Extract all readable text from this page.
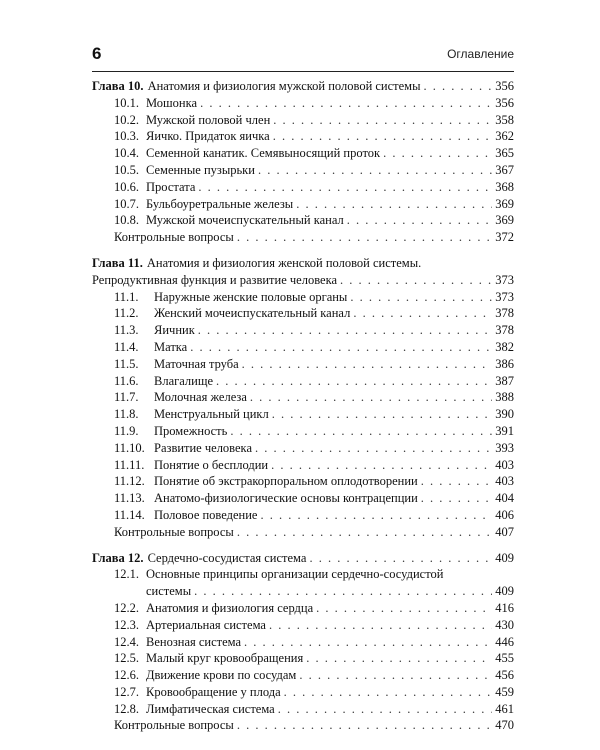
6	Оглавление
Глава 10. Анатомия и физиология мужской половой системы . . .	356
10.1. Мошонка . . .	356
10.2. Мужской половой член . . .	358
10.3. Яичко. Придаток яичка . . .	362
10.4. Семенной канатик. Семявыносящий проток . . .	365
10.5. Семенные пузырьки . . .	367
10.6. Простата . . .	368
10.7. Бульбоуретральные железы . . .	369
10.8. Мужской мочеиспускательный канал . . .	369
Контрольные вопросы . . .	372
Глава 11. Анатомия и физиология женской половой системы.
Репродуктивная функция и развитие человека . . .	373
11.1.	Наружные женские половые органы . . .	373
11.2.	Женский мочеиспускательный канал . . .	378
11.3.	Яичник . . .	378
11.4.	Матка . . .	382
11.5.	Маточная труба . . .	386
11.6.	Влагалище . . .	387
11.7.	Молочная железа . . .	388
11.8.	Менструальный цикл . . .	390
11.9.	Промежность . . .	391
11.10. Развитие человека . . .	393
11.11. Понятие о бесплодии . . .	403
11.12. Понятие об экстракорпоральном оплодотворении . . .	403
11.13. Анатомо-физиологические основы контрацепции . . .	404
11.14. Половое поведение . . .	406
Контрольные вопросы . . .	407
Глава 12. Сердечно-сосудистая система . . .	409
12.1. Основные принципы организации сердечно-сосудистой
системы . . .	409
12.2. Анатомия и физиология сердца . . .	416
12.3. Артериальная система . . .	430
12.4. Венозная система . . .	446
12.5. Малый круг кровообращения . . .	455
12.6. Движение крови по сосудам . . .	456
12.7. Кровообращение у плода . . .	459
12.8. Лимфатическая система . . .	461
Контрольные вопросы . . .	470
